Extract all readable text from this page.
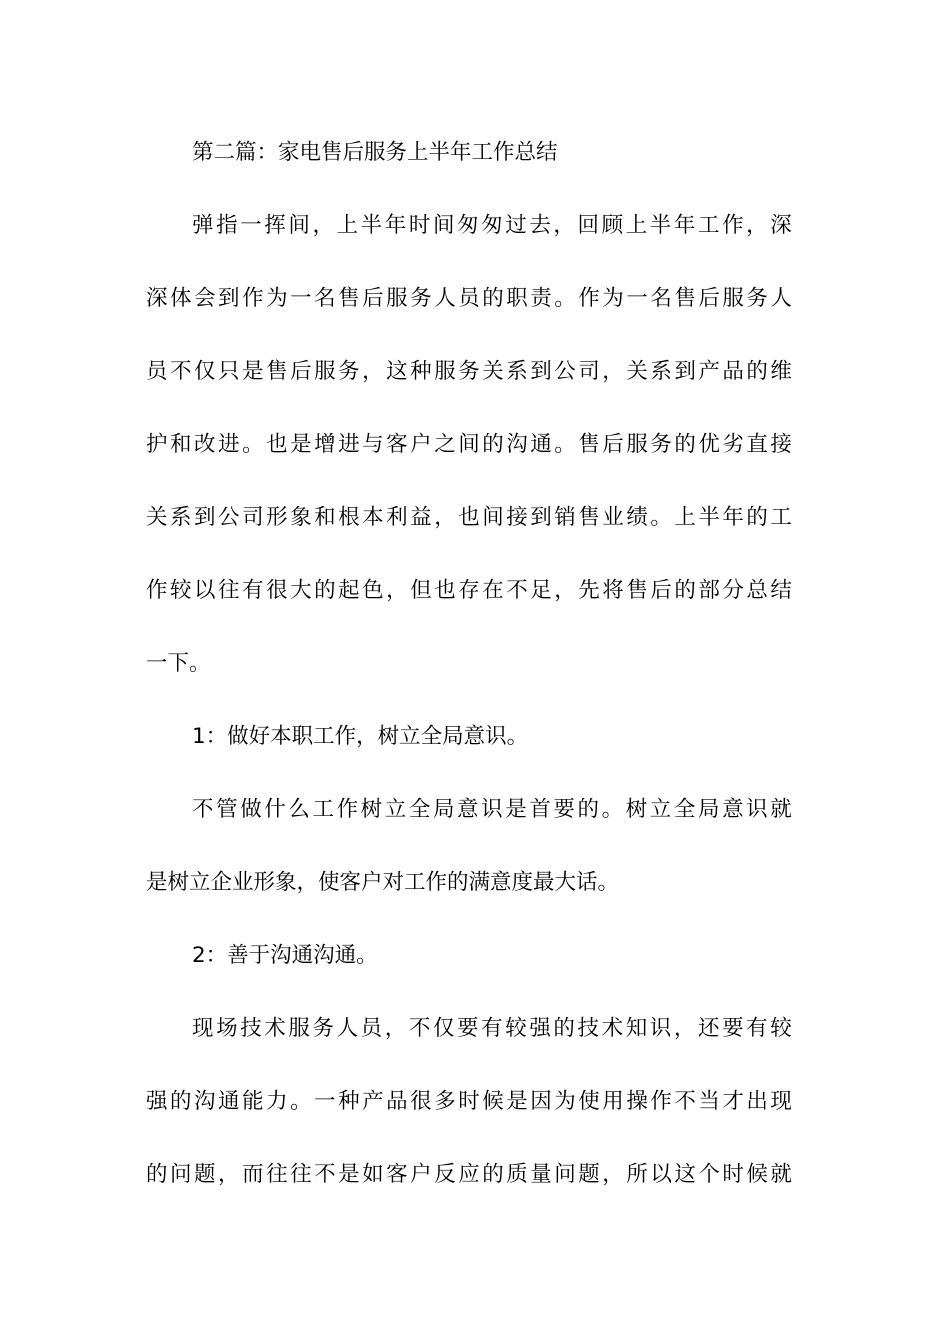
第二篇：家电售后服务上半年工作总结
弹 指 一 挥 间 ， 上 半 年 时 间 匆 匆 过 去 ， 回 顾 上 半 年 工 作 ， 深
深 体 会 到 作 为 一 名 售 后 服 务 人 员 的 职 责 。 作 为 一 名 售 后 服 务 人
员 不 仅 只 是 售 后 服 务 ， 这 种 服 务 关 系 到 公 司 ， 关 系 到 产 品 的 维
护 和 改 进 。 也 是 增 进 与 客 户 之 间 的 沟 通 。 售 后 服 务 的 优 劣 直 接
关 系 到 公 司 形 象 和 根 本 利 益 ， 也 间 接 到 销 售 业 绩 。 上 半 年 的 工
作 较 以 往 有 很 大 的 起 色 ， 但 也 存 在 不 足 ， 先 将 售 后 的 部 分 总 结
一下。
1：做好本职工作，树立全局意识。
不 管 做 什 么 工 作 树 立 全 局 意 识 是 首 要 的 。 树 立 全 局 意 识 就
是树立企业形象，使客户对工作的满意度最大话。
2：善于沟通沟通。
现 场 技 术 服 务 人 员 ， 不 仅 要 有 较 强 的 技 术 知 识 ， 还 要 有 较
强 的 沟 通 能 力 。 一 种 产 品 很 多 时 候 是 因 为 使 用 操 作 不 当 才 出 现
的 问 题 ， 而 往 往 不 是 如 客 户 反 应 的 质 量 问 题 ， 所 以 这 个 时 候 就
